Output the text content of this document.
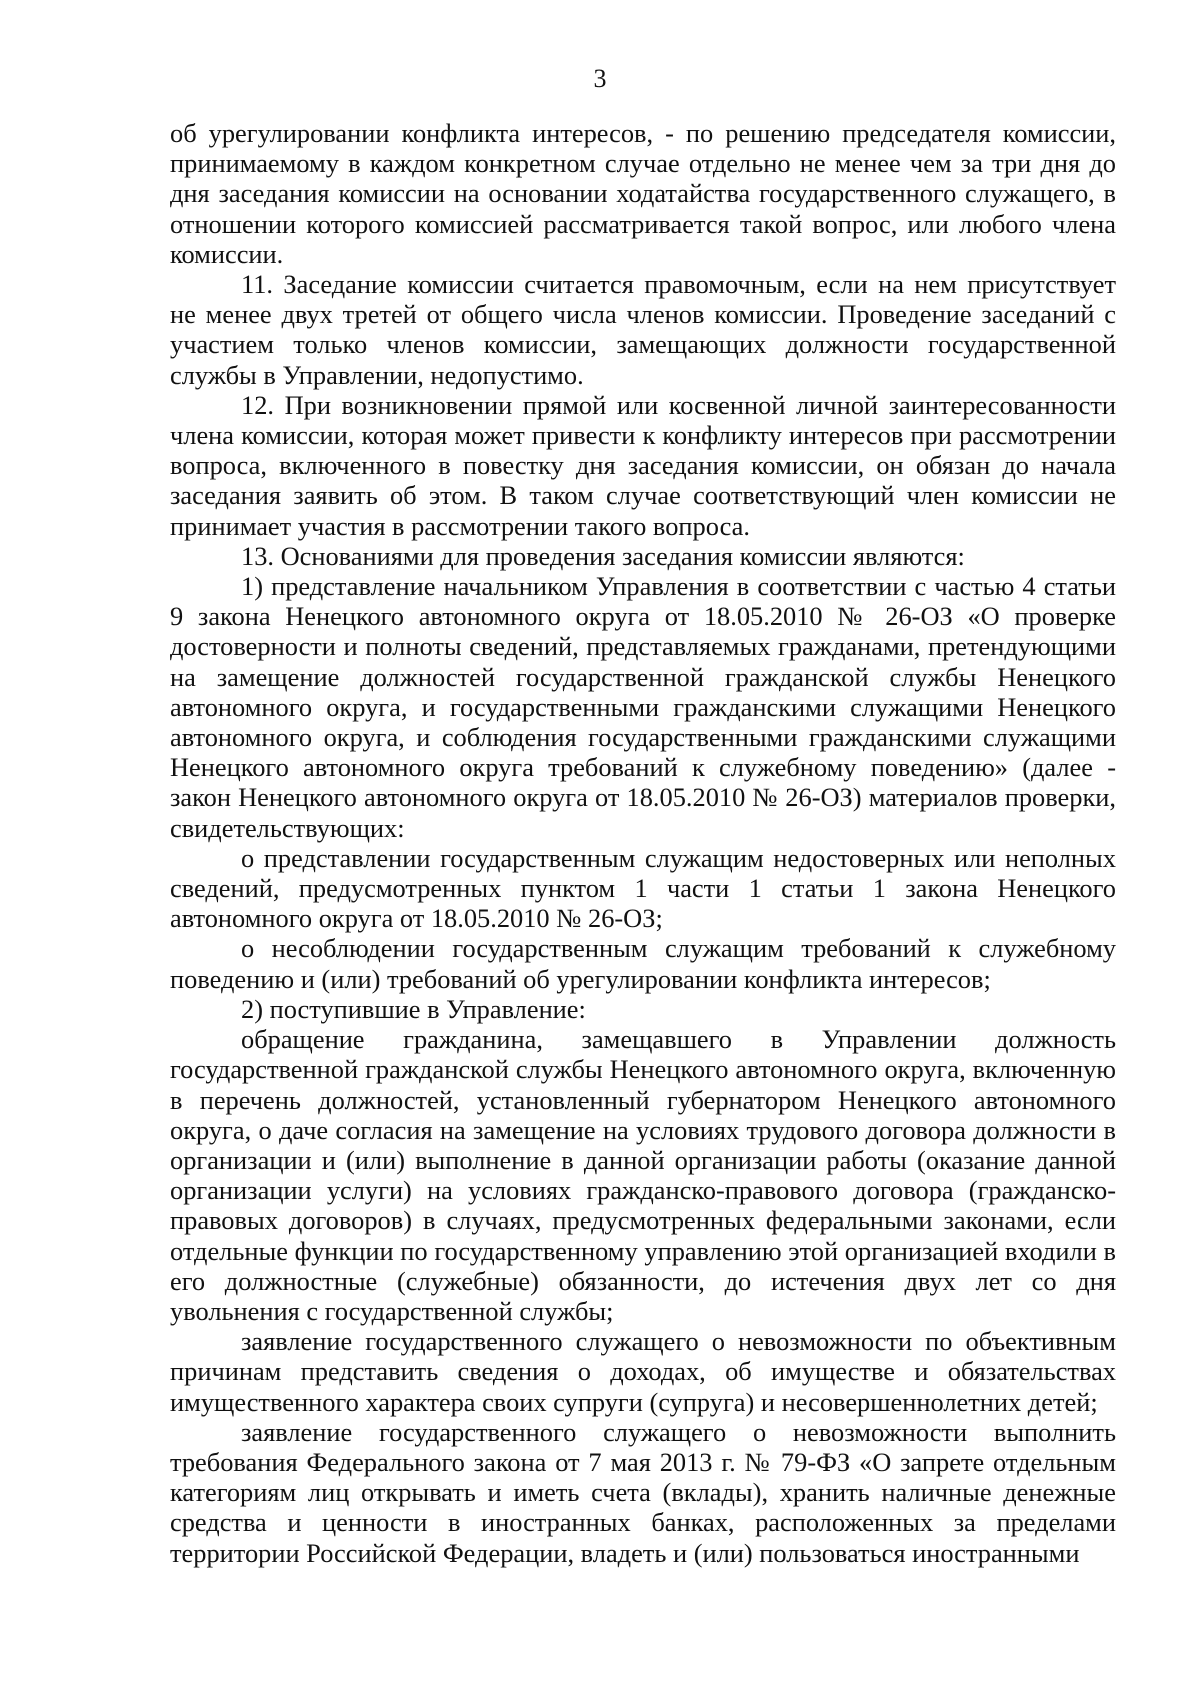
3

об урегулировании конфликта интересов, - по решению председателя комиссии, принимаемому в каждом конкретном случае отдельно не менее чем за три дня до дня заседания комиссии на основании ходатайства государственного служащего, в отношении которого комиссией рассматривается такой вопрос, или любого члена комиссии.

11. Заседание комиссии считается правомочным, если на нем присутствует не менее двух третей от общего числа членов комиссии. Проведение заседаний с участием только членов комиссии, замещающих должности государственной службы в Управлении, недопустимо.

12. При возникновении прямой или косвенной личной заинтересованности члена комиссии, которая может привести к конфликту интересов при рассмотрении вопроса, включенного в повестку дня заседания комиссии, он обязан до начала заседания заявить об этом. В таком случае соответствующий член комиссии не принимает участия в рассмотрении такого вопроса.

13. Основаниями для проведения заседания комиссии являются:

1) представление начальником Управления в соответствии с частью 4 статьи 9 закона Ненецкого автономного округа от 18.05.2010 № 26-ОЗ «О проверке достоверности и полноты сведений, представляемых гражданами, претендующими на замещение должностей государственной гражданской службы Ненецкого автономного округа, и государственными гражданскими служащими Ненецкого автономного округа, и соблюдения государственными гражданскими служащими Ненецкого автономного округа требований к служебному поведению» (далее - закон Ненецкого автономного округа от 18.05.2010 № 26-ОЗ) материалов проверки, свидетельствующих:

о представлении государственным служащим недостоверных или неполных сведений, предусмотренных пунктом 1 части 1 статьи 1 закона Ненецкого автономного округа от 18.05.2010 № 26-ОЗ;

о несоблюдении государственным служащим требований к служебному поведению и (или) требований об урегулировании конфликта интересов;

2) поступившие в Управление:

обращение гражданина, замещавшего в Управлении должность государственной гражданской службы Ненецкого автономного округа, включенную в перечень должностей, установленный губернатором Ненецкого автономного округа, о даче согласия на замещение на условиях трудового договора должности в организации и (или) выполнение в данной организации работы (оказание данной организации услуги) на условиях гражданско-правового договора (гражданско-правовых договоров) в случаях, предусмотренных федеральными законами, если отдельные функции по государственному управлению этой организацией входили в его должностные (служебные) обязанности, до истечения двух лет со дня увольнения с государственной службы;

заявление государственного служащего о невозможности по объективным причинам представить сведения о доходах, об имуществе и обязательствах имущественного характера своих супруги (супруга) и несовершеннолетних детей;

заявление государственного служащего о невозможности выполнить требования Федерального закона от 7 мая 2013 г. № 79-ФЗ «О запрете отдельным категориям лиц открывать и иметь счета (вклады), хранить наличные денежные средства и ценности в иностранных банках, расположенных за пределами территории Российской Федерации, владеть и (или) пользоваться иностранными
